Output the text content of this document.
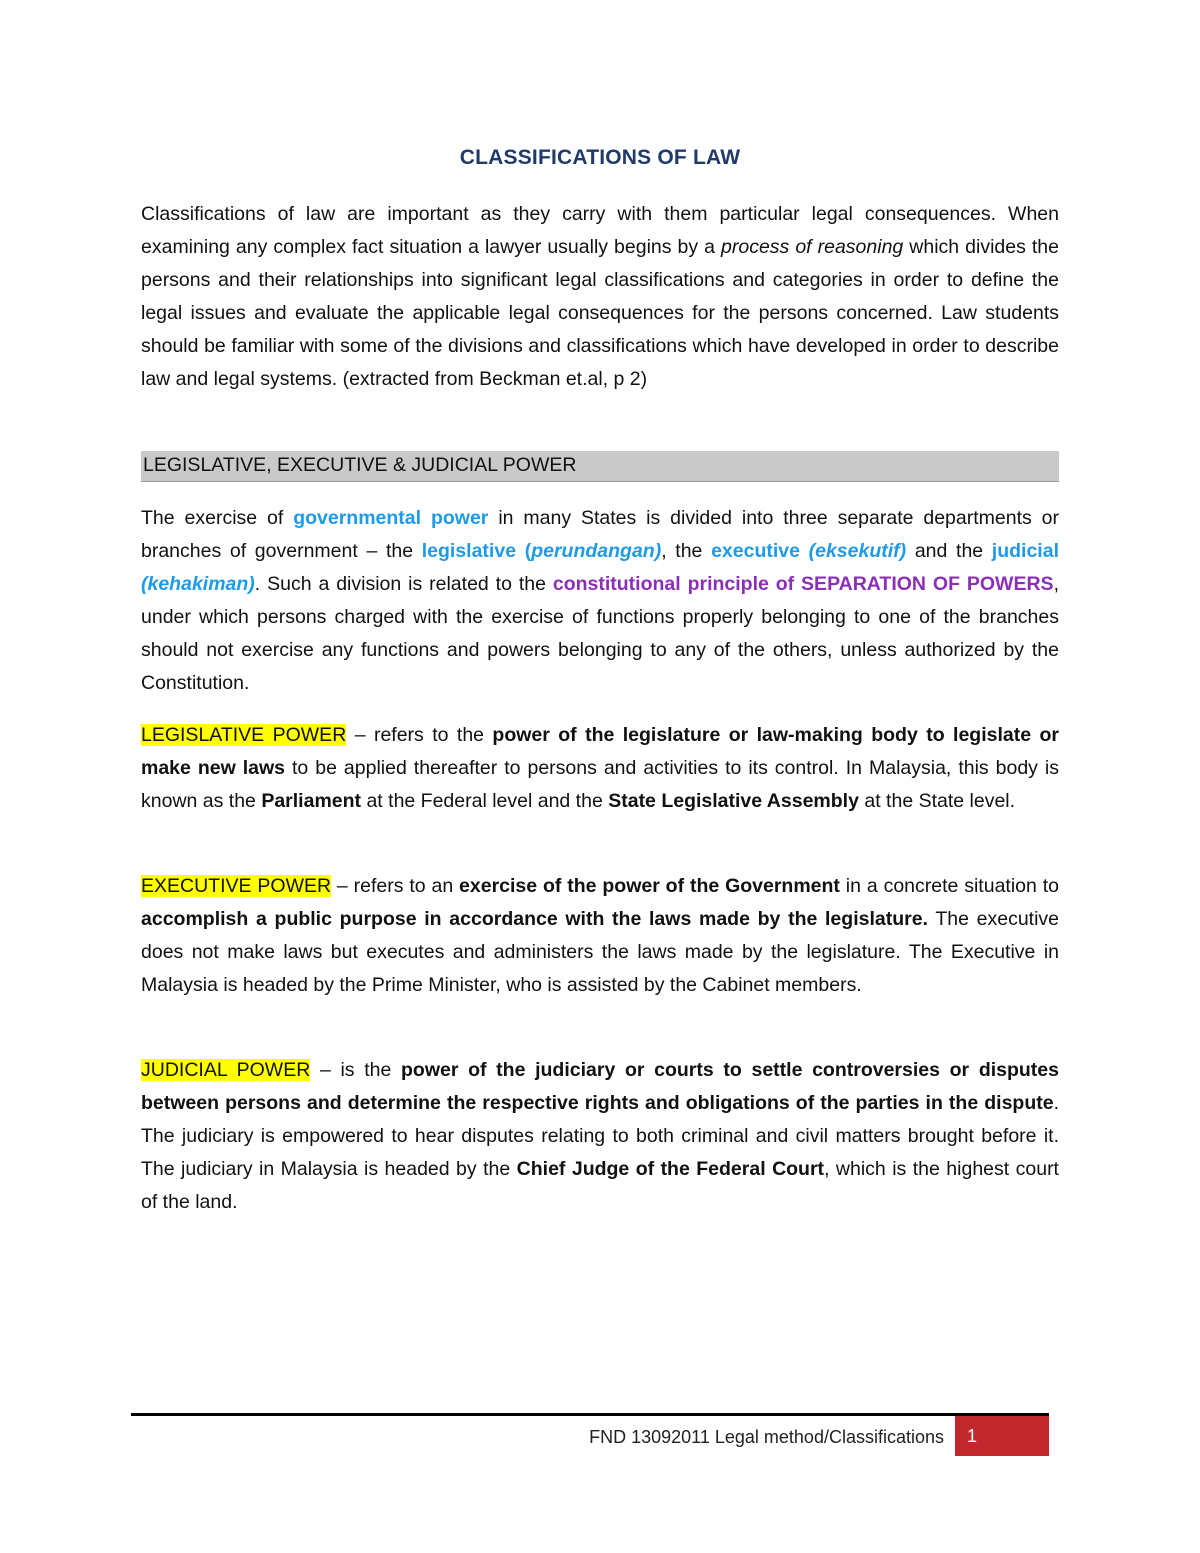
CLASSIFICATIONS OF LAW

Classifications of law are important as they carry with them particular legal consequences. When examining any complex fact situation a lawyer usually begins by a process of reasoning which divides the persons and their relationships into significant legal classifications and categories in order to define the legal issues and evaluate the applicable legal consequences for the persons concerned. Law students should be familiar with some of the divisions and classifications which have developed in order to describe law and legal systems. (extracted from Beckman et.al, p 2)

LEGISLATIVE, EXECUTIVE & JUDICIAL POWER

The exercise of governmental power in many States is divided into three separate departments or branches of government – the legislative (perundangan), the executive (eksekutif) and the judicial (kehakiman). Such a division is related to the constitutional principle of SEPARATION OF POWERS, under which persons charged with the exercise of functions properly belonging to one of the branches should not exercise any functions and powers belonging to any of the others, unless authorized by the Constitution.

LEGISLATIVE POWER – refers to the power of the legislature or law-making body to legislate or make new laws to be applied thereafter to persons and activities to its control. In Malaysia, this body is known as the Parliament at the Federal level and the State Legislative Assembly at the State level.

EXECUTIVE POWER – refers to an exercise of the power of the Government in a concrete situation to accomplish a public purpose in accordance with the laws made by the legislature. The executive does not make laws but executes and administers the laws made by the legislature. The Executive in Malaysia is headed by the Prime Minister, who is assisted by the Cabinet members.

JUDICIAL POWER – is the power of the judiciary or courts to settle controversies or disputes between persons and determine the respective rights and obligations of the parties in the dispute. The judiciary is empowered to hear disputes relating to both criminal and civil matters brought before it. The judiciary in Malaysia is headed by the Chief Judge of the Federal Court, which is the highest court of the land.

FND 13092011 Legal method/Classifications 1
